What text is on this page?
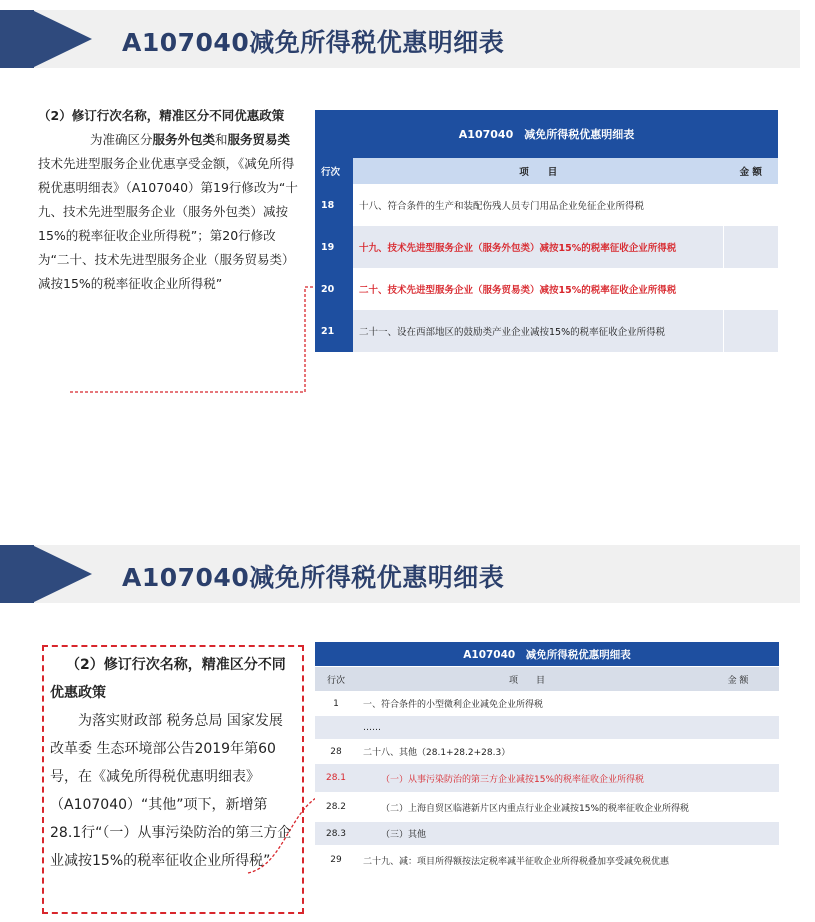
A107040减免所得税优惠明细表
（2）修订行次名称，精准区分不同优惠政策
为准确区分服务外包类和服务贸易类技术先进型服务企业优惠享受金额，《减免所得税优惠明细表》（A107040）第19行修改为“十九、技术先进型服务企业（服务外包类）减按15%的税率征收企业所得税”；第20行修改为“二十、技术先进型服务企业（服务贸易类）减按15%的税率征收企业所得税”
A107040　减免所得税优惠明细表		
行次	项　　目	金 额
18	十八、符合条件的生产和装配伤残人员专门用品企业免征企业所得税	
19	十九、技术先进型服务企业（服务外包类）减按15%的税率征收企业所得税	
20	二十、技术先进型服务企业（服务贸易类）减按15%的税率征收企业所得税	
21	二十一、设在西部地区的鼓励类产业企业减按15%的税率征收企业所得税	
A107040减免所得税优惠明细表
（2）修订行次名称，精准区分不同优惠政策
为落实财政部 税务总局 国家发展改革委 生态环境部公告2019年第60号，在《减免所得税优惠明细表》（A107040）“其他”项下，新增第28.1行“（一）从事污染防治的第三方企业减按15%的税率征收企业所得税”
A107040　减免所得税优惠明细表		
行次	项　　目	金 额
1	一、符合条件的小型微利企业减免企业所得税	
	……	
28	二十八、其他（28.1+28.2+28.3）	
28.1	（一）从事污染防治的第三方企业减按15%的税率征收企业所得税	
28.2	（二）上海自贸区临港新片区内重点行业企业减按15%的税率征收企业所得税	
28.3	（三）其他	
29	二十九、减：项目所得额按法定税率减半征收企业所得税叠加享受减免税优惠	
